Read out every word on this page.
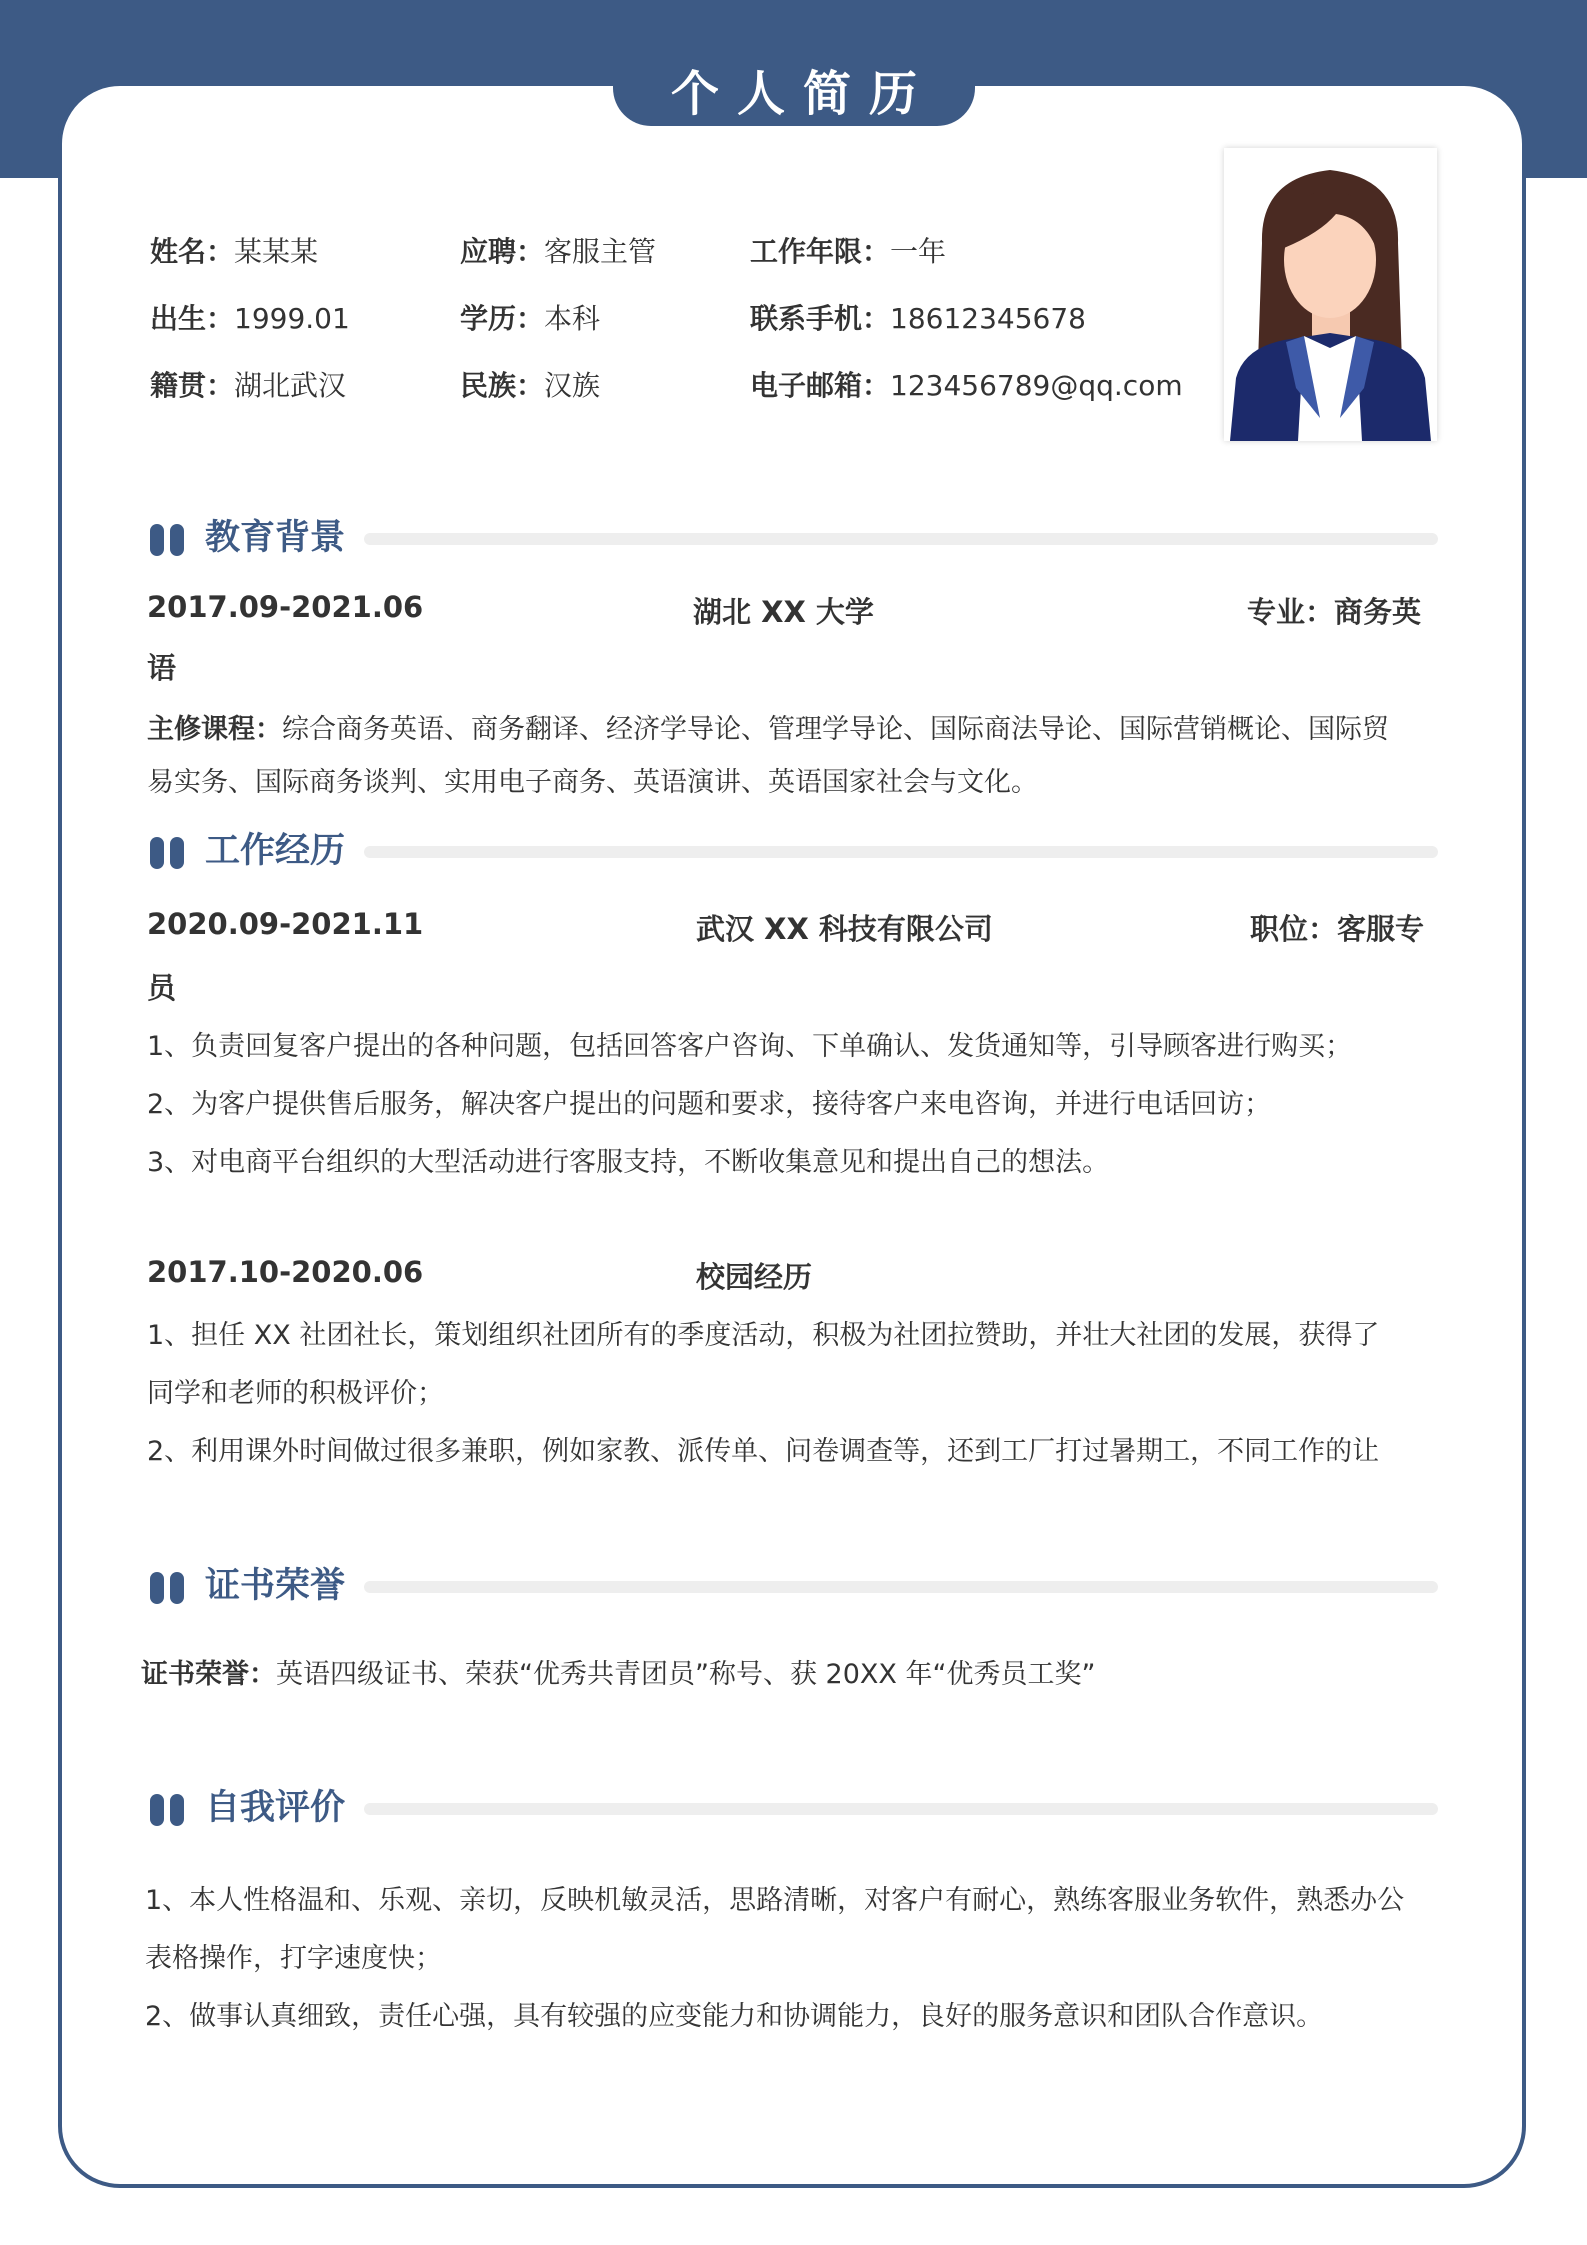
个人简历
姓名：某某某	应聘：客服主管	工作年限：一年
出生：1999.01	学历：本科	联系手机：18612345678
籍贯：湖北武汉	民族：汉族	电子邮箱：123456789@qq.com
教育背景
2017.09-2021.06	湖北 XX 大学	专业：商务英
语
主修课程：综合商务英语、商务翻译、经济学导论、管理学导论、国际商法导论、国际营销概论、国际贸
易实务、国际商务谈判、实用电子商务、英语演讲、英语国家社会与文化。
工作经历
2020.09-2021.11	武汉 XX 科技有限公司	职位：客服专
员
1、负责回复客户提出的各种问题，包括回答客户咨询、下单确认、发货通知等，引导顾客进行购买；
2、为客户提供售后服务，解决客户提出的问题和要求，接待客户来电咨询，并进行电话回访；
3、对电商平台组织的大型活动进行客服支持，不断收集意见和提出自己的想法。
2017.10-2020.06	校园经历
1、担任 XX 社团社长，策划组织社团所有的季度活动，积极为社团拉赞助，并壮大社团的发展，获得了
同学和老师的积极评价；
2、利用课外时间做过很多兼职，例如家教、派传单、问卷调查等，还到工厂打过暑期工，不同工作的让
证书荣誉
证书荣誉：英语四级证书、荣获“优秀共青团员”称号、获 20XX 年“优秀员工奖”
自我评价
1、本人性格温和、乐观、亲切，反映机敏灵活，思路清晰，对客户有耐心，熟练客服业务软件，熟悉办公
表格操作，打字速度快；
2、做事认真细致，责任心强，具有较强的应变能力和协调能力，良好的服务意识和团队合作意识。
